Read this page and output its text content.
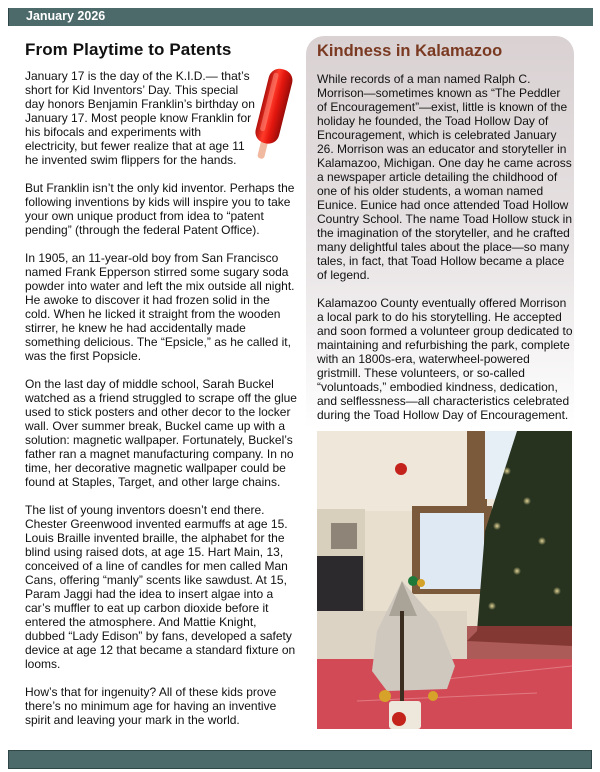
January 2026
From Playtime to Patents

January 17 is the day of the K.I.D.— that’s short for Kid Inventors’ Day. This special day honors Benjamin Franklin’s birthday on January 17. Most people know Franklin for his bifocals and experiments with electricity, but fewer realize that at age 11 he invented swim flippers for the hands.

But Franklin isn’t the only kid inventor. Perhaps the following inventions by kids will inspire you to take your own unique product from idea to “patent pending” (through the federal Patent Office).

In 1905, an 11-year-old boy from San Francisco named Frank Epperson stirred some sugary soda powder into water and left the mix outside all night. He awoke to discover it had frozen solid in the cold. When he licked it straight from the wooden stirrer, he knew he had accidentally made something delicious. The “Epsicle,” as he called it, was the first Popsicle.

On the last day of middle school, Sarah Buckel watched as a friend struggled to scrape off the glue used to stick posters and other decor to the locker wall. Over summer break, Buckel came up with a solution: magnetic wallpaper. Fortunately, Buckel’s father ran a magnet manufacturing company. In no time, her decorative magnetic wallpaper could be found at Staples, Target, and other large chains.

The list of young inventors doesn’t end there. Chester Greenwood invented earmuffs at age 15. Louis Braille invented braille, the alphabet for the blind using raised dots, at age 15. Hart Main, 13, conceived of a line of candles for men called Man Cans, offering “manly” scents like sawdust. At 15, Param Jaggi had the idea to insert algae into a car’s muffler to eat up carbon dioxide before it entered the atmosphere. And Mattie Knight, dubbed “Lady Edison” by fans, developed a safety device at age 12 that became a standard fixture on looms.

How’s that for ingenuity? All of these kids prove there’s no minimum age for having an inventive spirit and leaving your mark in the world.

Kindness in Kalamazoo

While records of a man named Ralph C. Morrison—sometimes known as “The Peddler of Encouragement”—exist, little is known of the holiday he founded, the Toad Hollow Day of Encouragement, which is celebrated January 26. Morrison was an educator and storyteller in Kalamazoo, Michigan. One day he came across a newspaper article detailing the childhood of one of his older students, a woman named Eunice. Eunice had once attended Toad Hollow Country School. The name Toad Hollow stuck in the imagination of the storyteller, and he crafted many delightful tales about the place—so many tales, in fact, that Toad Hollow became a place of legend.

Kalamazoo County eventually offered Morrison a local park to do his storytelling. He accepted and soon formed a volunteer group dedicated to maintaining and refurbishing the park, complete with an 1800s-era, waterwheel-powered gristmill. These volunteers, or so-called “voluntoads,” embodied kindness, dedication, and selflessness—all characteristics celebrated during the Toad Hollow Day of Encouragement.
